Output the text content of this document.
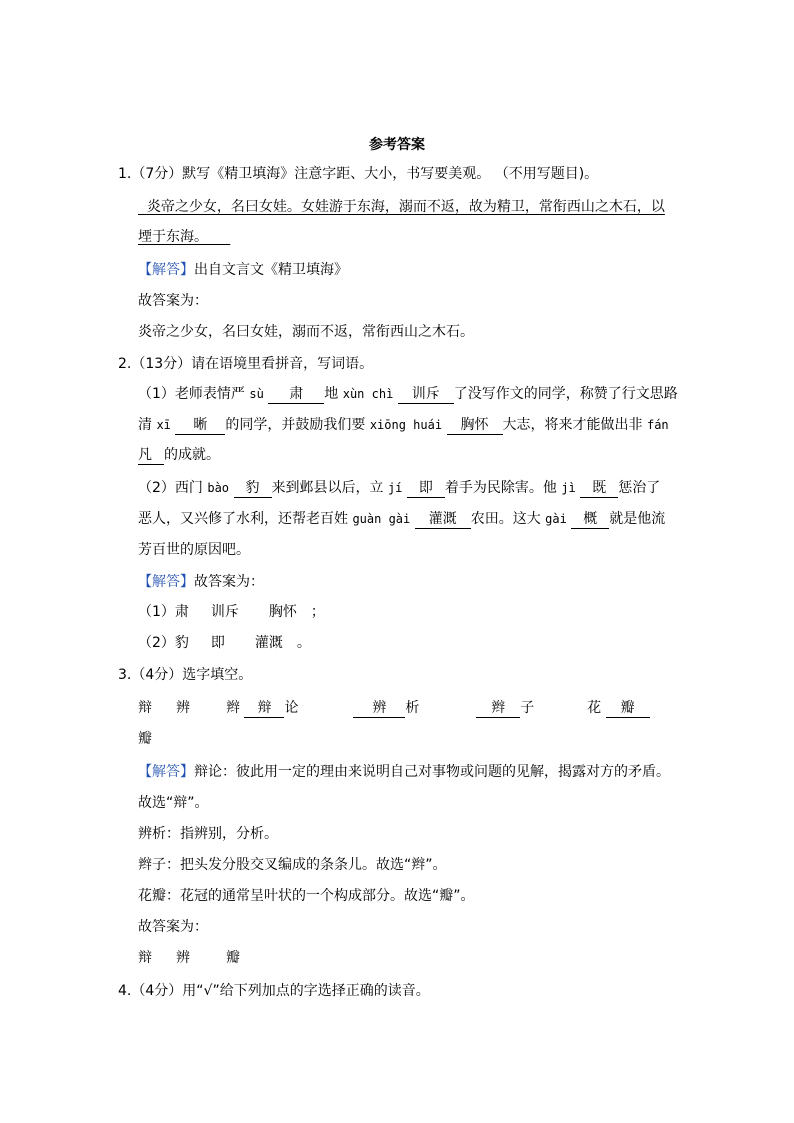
参考答案
1.（7分）默写《精卫填海》注意字距、大小，书写要美观。 （不用写题目)。
炎帝之少女，名曰女娃。女娃游于东海，溺而不返，故为精卫，常衔西山之木石，以
堙于东海。
【解答】出自文言文《精卫填海》
故答案为：
炎帝之少女，名曰女娃，溺而不返，常衔西山之木石。
2.（13分）请在语境里看拼音，写词语。
（1）老师表情严 sù 肃 地 xùn chì 训斥 了没写作文的同学，称赞了行文思路
清 xī 晰 的同学，并鼓励我们要 xiōng huái 胸怀 大志，将来才能做出非 fán
凡 的成就。
（2）西门 bào 豹 来到邺县以后，立 jí 即 着手为民除害。他 jì 既 惩治了
恶人，又兴修了水利，还帮老百姓 guàn gài 灌溉 农田。这大 gài 概 就是他流
芳百世的原因吧。
【解答】故答案为：
（1）肃 训斥 胸怀 ；
（2）豹 即 灌溉 。
3.（4分）选字填空。
辩 辨	辫 辩 论	辨 析	辫 子	花 瓣
瓣
【解答】辩论：彼此用一定的理由来说明自己对事物或问题的见解，揭露对方的矛盾。
故选“辩”。
辨析：指辨别，分析。
辫子：把头发分股交叉编成的条条儿。故选“辫”。
花瓣：花冠的通常呈叶状的一个构成部分。故选“瓣”。
故答案为：
辩 辨	瓣
4.（4分）用“√”给下列加点的字选择正确的读音。
